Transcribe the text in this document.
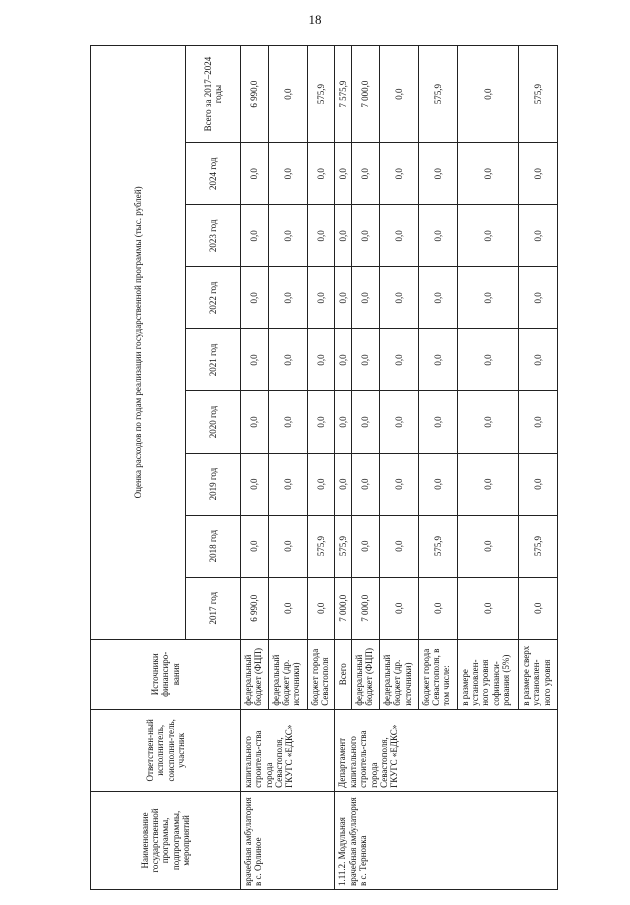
18
Наименование государственной программы, подпрограммы, мероприятий	Ответствен-ный исполнитель, соисполни-тель, участник	Источники финансиро-вания	Оценка расходов по годам реализации государственной программы (тыс. рублей)								
			2017 год	2018 год	2019 год	2020 год	2021 год	2022 год	2023 год	2024 год	Всего за 2017–2024 годы
врачебная амбулатория в с. Орлиное	капитального строитель-ства города Севастополя, ГКУГС «ЕДКС»	федеральный бюджет (ФЦП)	6 990,0	0,0	0,0	0,0	0,0	0,0	0,0	0,0	6 990,0
		федеральный бюджет (др. источники)	0,0	0,0	0,0	0,0	0,0	0,0	0,0	0,0	0,0
		бюджет города Севастополя	0,0	575,9	0,0	0,0	0,0	0,0	0,0	0,0	575,9
1.11.2. Модульная врачебная амбулатория в с. Терновка	Департамент капитального строитель-ства города Севастополя, ГКУГС «ЕДКС»	Всего	7 000,0	575,9	0,0	0,0	0,0	0,0	0,0	0,0	7 575,9
		федеральный бюджет (ФЦП)	7 000,0	0,0	0,0	0,0	0,0	0,0	0,0	0,0	7 000,0
		федеральный бюджет (др. источники)	0,0	0,0	0,0	0,0	0,0	0,0	0,0	0,0	0,0
		бюджет города Севастополя, в том числе:	0,0	575,9	0,0	0,0	0,0	0,0	0,0	0,0	575,9
		в размере установлен-ного уровня софинанси-рования (5%)	0,0	0,0	0,0	0,0	0,0	0,0	0,0	0,0	0,0
		в размере сверх установлен-ного уровня	0,0	575,9	0,0	0,0	0,0	0,0	0,0	0,0	575,9
